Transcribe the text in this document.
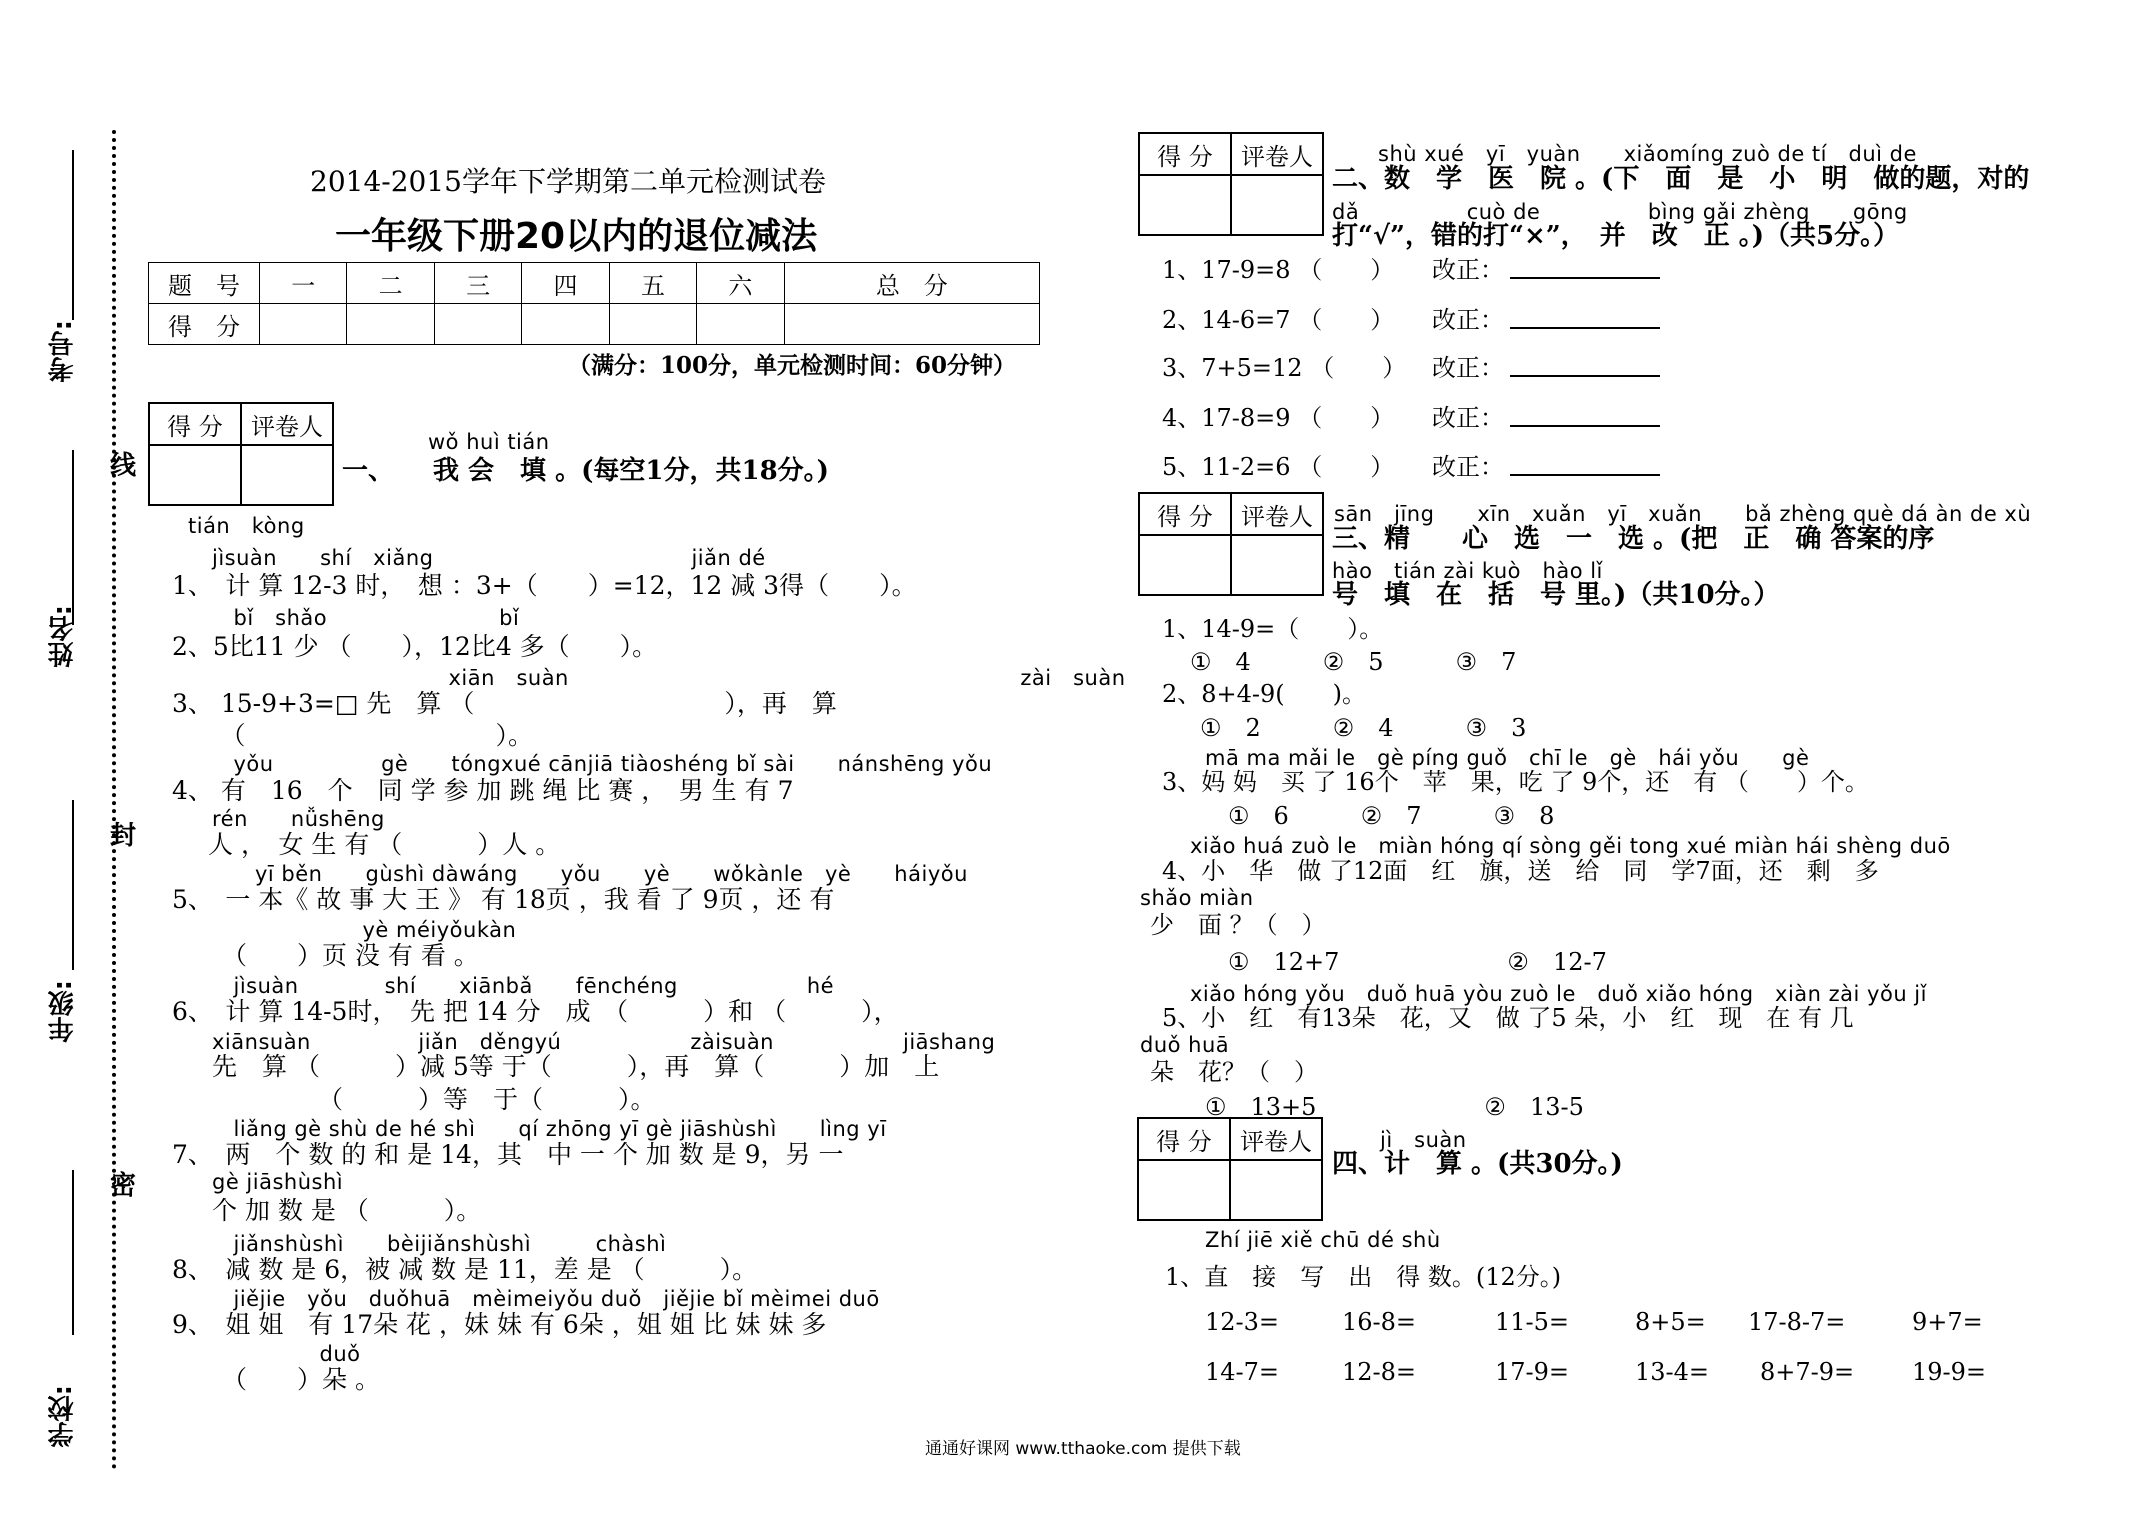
考号:
姓名:
年级:
学校:
线
封
密
2014-2015学年下学期第二单元检测试卷
一年级下册20以内的退位减法
题　号	一	二	三	四	五	六	总　分
得　分							
（满分：100分，单元检测时间：60分钟）
得 分	评卷人

wǒ huì tián
一、　　我 会　填 。(每空1分，共18分。)
tián　kòng
jìsuàn　　shí　xiǎng　　　　　　　　　　　　jiǎn dé
1、　计 算 12-3 时，　想 ：3+（　　）=12，12 减 3得（　　）。
　bǐ　shǎo　　　　　　　　bǐ
2、5比11 少 （　　），12比4 多（　　）。
　　　　　　　　　　　xiān　suàn　　　　　　　　　　　　　　　　　　　　　zài　suàn
3、 15-9+3=□ 先　算 （　　　　　　　　　　），再　算
　（　　　　　　　　　　）。
　yǒu　　　　　gè　　tóngxué cānjiā tiàoshéng bǐ sài　　nánshēng yǒu
4、 有　16　个　同 学 参 加 跳 绳 比 赛 ，　男 生 有 7
rén　　nǚshēng
人 ，　女 生 有 （　　　）人 。
　　yī běn　　gùshì dàwáng　　yǒu　　yè　　wǒkànle　yè　　háiyǒu
5、　一 本《 故 事 大 王 》 有 18页 ，我 看 了 9页 ，还 有
　　　　　　　yè méiyǒukàn
（　　）页 没 有 看 。
　jìsuàn　　　　shí　　xiānbǎ　　fēnchéng　　　　　　hé
6、　计 算 14-5时，　先 把 14 分　成　（　　　）和 （　　　），
xiānsuàn　　　　　jiǎn　děngyú　　　　　　zàisuàn　　　　　　jiāshang
先　算 （　　　）减 5等 于（　　　），再　算（　　　）加　上
（　　　）等　于（　　　）。
　liǎng gè shù de hé shì　　qí zhōng yī gè jiāshùshì　　lìng yī
7、　两　个 数 的 和 是 14，其　中 一 个 加 数 是 9，另 一
gè jiāshùshì
个 加 数 是 （　　　）。
　jiǎnshùshì　　bèijiǎnshùshì　　　chàshì
8、　减 数 是 6，被 减 数 是 11，差 是 （　　　）。
　jiějie　yǒu　duǒhuā　mèimeiyǒu duǒ　jiějie bǐ mèimei duō
9、　姐 姐　有 17朵 花 ，妹 妹 有 6朵 ，姐 姐 比 妹 妹 多
　　　　　duǒ
（　　）朵 。
得 分	评卷人
		shù xué　yī　yuàn　　xiǎomíng zuò de tí　duì de
二、数　学　医　院 。(下　面　是　小　明　做的题，对的
dǎ　　　　　cuò de　　　　　bìng gǎi zhèng　　gōng
打“√”，错的打“×”，　并　改　正 。)（共5分。）
1、17-9=8 （　　） 改正：
2、14-6=7 （　　） 改正：
3、7+5=12 （　　） 改正：
4、17-8=9 （　　） 改正：
5、11-2=6 （　　） 改正：
得 分	评卷人
	sān　jīng　　xīn　xuǎn　yī　xuǎn　　bǎ zhèng què dá àn de xù
三、精　　心　选　一　选 。(把　正　确 答案的序
hào　tián zài kuò　hào lǐ
号　填　在　括　号 里。)（共10分。）
1、14-9=（　　）。
①　4　　　②　5　　　③　7
2、8+4-9(　　)。
①　2　　　②　4　　　③　3
mā ma mǎi le　gè píng guǒ　chī le　gè　hái yǒu　　gè
3、妈 妈　买 了 16个　苹　果，吃 了 9个，还　有 （　　）个。
①　6　　　②　7　　　③　8
xiǎo huá zuò le　miàn hóng qí sòng gěi tong xué miàn hái shèng duō
4、小　华　做 了12面　红　旗，送　给　同　学7面，还　剩　多
shǎo miàn
少　面 ？（　）
①　12+7　　　　　　　②　12-7
xiǎo hóng yǒu　duǒ huā yòu zuò le　duǒ xiǎo hóng　xiàn zài yǒu jǐ
5、小　红　有13朵　花，又　做 了5 朵，小　红　现　在 有 几
duǒ huā
朵　花？（　）
①　13+5　　　　　　　②　13-5
得 分	评卷人
		jì　suàn
四、计　算 。(共30分。)
Zhí jiē xiě chū dé shù
1、直　接　写　出　得 数。(12分。)
12-3=	16-8=	11-5=	8+5= 17-8-7=	9+7=
14-7=	12-8=	17-9=	13-4= 8+7-9= 19-9=
通通好课网 www.tthaoke.com 提供下载
